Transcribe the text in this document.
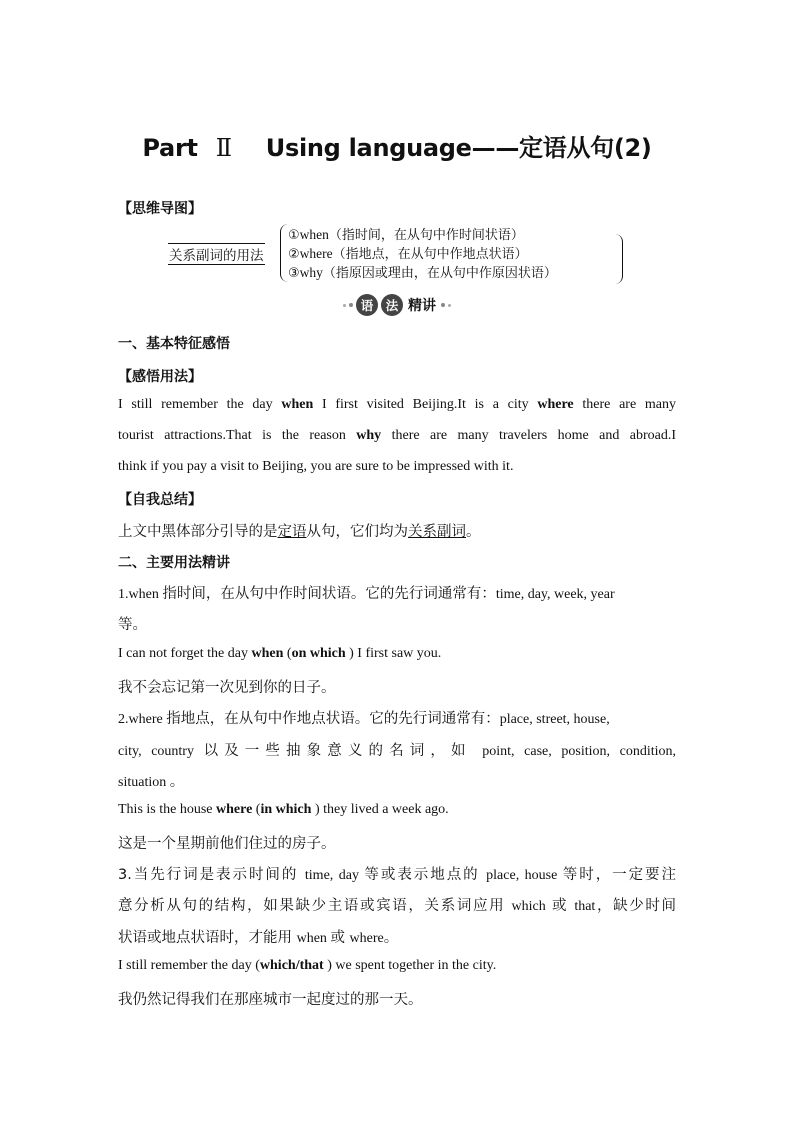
Part Ⅱ Using language——定语从句(2)
【思维导图】
关系副词的用法
①when（指时间，在从句中作时间状语）
②where（指地点，在从句中作地点状语）
③why（指原因或理由，在从句中作原因状语）
语 法 精讲
一、基本特征感悟
【感悟用法】
I still remember the day when I first visited Beijing.It is a city where there are many
tourist attractions.That is the reason why there are many travelers home and abroad.I
think if you pay a visit to Beijing, you are sure to be impressed with it.
【自我总结】
上文中黑体部分引导的是定语从句，它们均为关系副词。
二、主要用法精讲
1.when 指时间，在从句中作时间状语。它的先行词通常有：time, day, week, year
等。
I can not forget the day when (on which ) I first saw you.
我不会忘记第一次见到你的日子。
2.where 指地点，在从句中作地点状语。它的先行词通常有：place, street, house,
city, country 以及一些抽象意义的名词，如 point, case, position, condition,
situation 。
This is the house where (in which ) they lived a week ago.
这是一个星期前他们住过的房子。
3.当先行词是表示时间的 time, day 等或表示地点的 place, house 等时，一定要注
意分析从句的结构，如果缺少主语或宾语，关系词应用 which 或 that，缺少时间
状语或地点状语时，才能用 when 或 where。
I still remember the day (which/that ) we spent together in the city.
我仍然记得我们在那座城市一起度过的那一天。
